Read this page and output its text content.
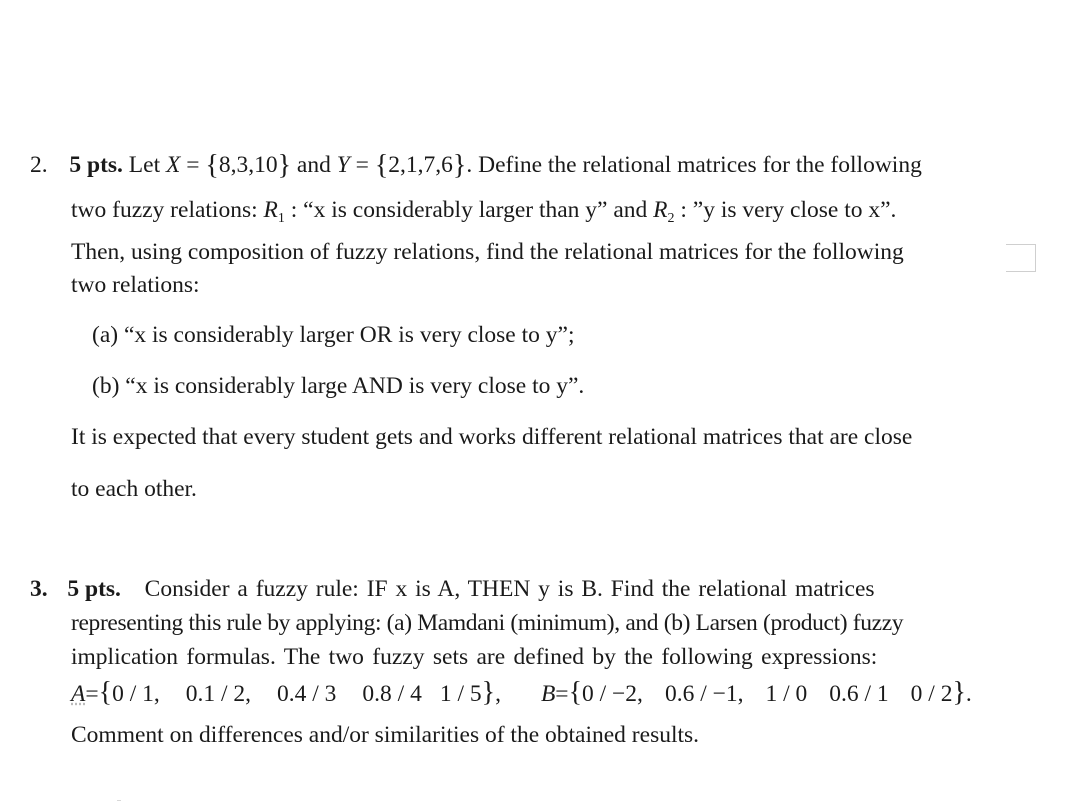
2. 5 pts. Let X = {8,3,10} and Y = {2,1,7,6}. Define the relational matrices for the following
two fuzzy relations: $R_1$ : “x is considerably larger than y” and $R_2$ : ”y is very close to x”.
Then, using composition of fuzzy relations, find the relational matrices for the following
two relations:
(a) “x is considerably larger OR is very close to y”;
(b) “x is considerably large AND is very close to y”.
It is expected that every student gets and works different relational matrices that are close
to each other.
3. 5 pts. Consider a fuzzy rule: IF x is A, THEN y is B. Find the relational matrices
representing this rule by applying: (a) Mamdani (minimum), and (b) Larsen (product) fuzzy
implication formulas. The two fuzzy sets are defined by the following expressions:
A = { 0 / 1, 0.1 / 2, 0.4 / 3 0.8 / 4 1 / 5 } , B = { 0 / −2, 0.6 / −1, 1 / 0 0.6 / 1 0 / 2 } .
Comment on differences and/or similarities of the obtained results.
